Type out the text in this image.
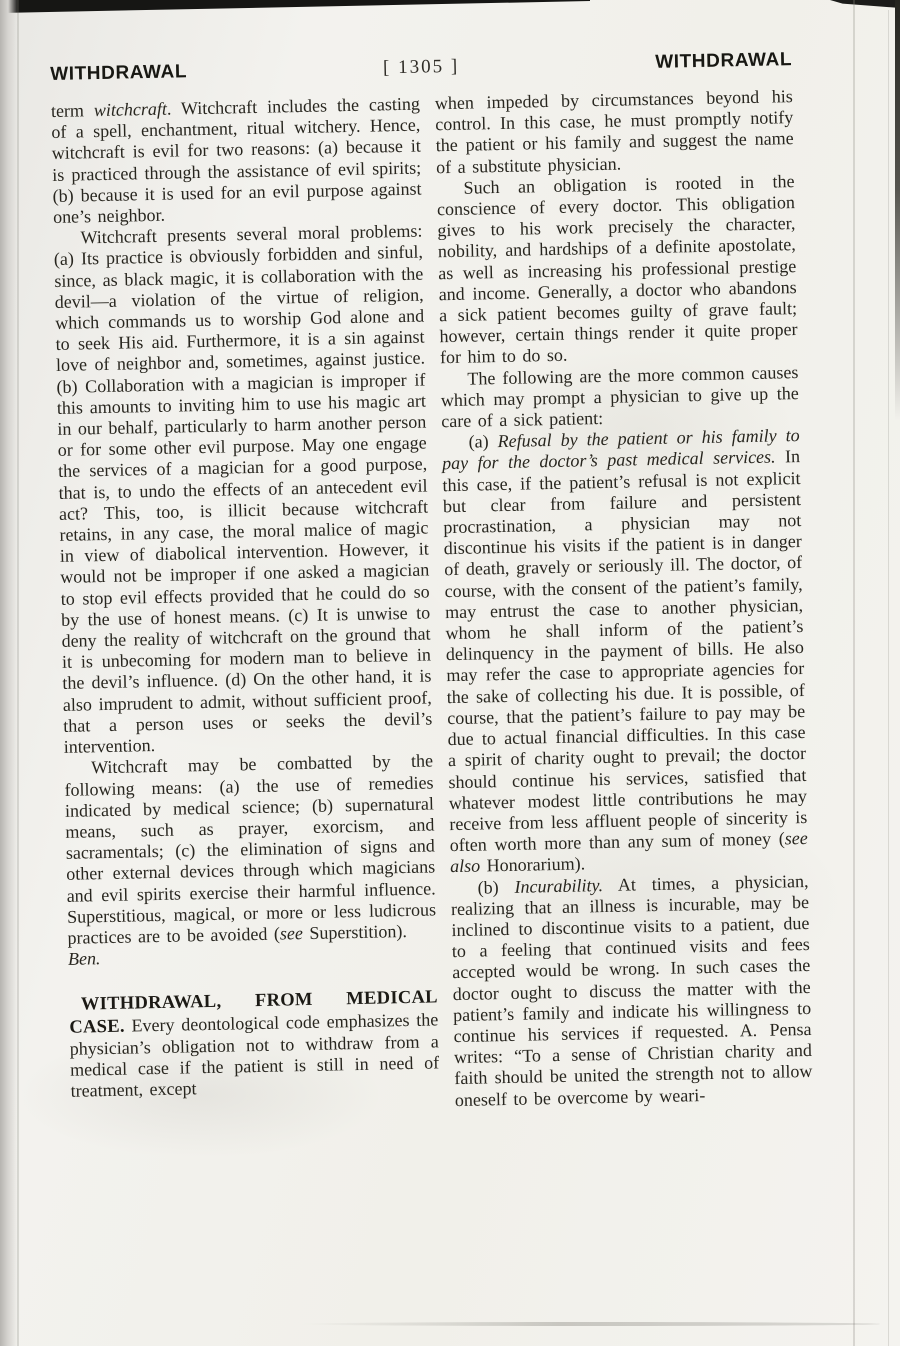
WITHDRAWAL	[ 1305 ]	WITHDRAWAL

term witchcraft. Witchcraft includes the casting of a spell, enchantment, ritual witchery. Hence, witchcraft is evil for two reasons: (a) because it is practiced through the assistance of evil spirits; (b) because it is used for an evil purpose against one’s neighbor.

Witchcraft presents several moral problems: (a) Its practice is obviously forbidden and sinful, since, as black magic, it is collaboration with the devil—a violation of the virtue of religion, which commands us to worship God alone and to seek His aid. Furthermore, it is a sin against love of neighbor and, sometimes, against justice. (b) Collaboration with a magician is improper if this amounts to inviting him to use his magic art in our behalf, particularly to harm another person or for some other evil purpose. May one engage the services of a magician for a good purpose, that is, to undo the effects of an antecedent evil act? This, too, is illicit because witchcraft retains, in any case, the moral malice of magic in view of diabolical intervention. However, it would not be improper if one asked a magician to stop evil effects provided that he could do so by the use of honest means. (c) It is unwise to deny the reality of witchcraft on the ground that it is unbecoming for modern man to believe in the devil’s influence. (d) On the other hand, it is also imprudent to admit, without sufficient proof, that a person uses or seeks the devil’s intervention.

Witchcraft may be combatted by the following means: (a) the use of remedies indicated by medical science; (b) supernatural means, such as prayer, exorcism, and sacramentals; (c) the elimination of signs and other external devices through which magicians and evil spirits exercise their harmful influence. Superstitious, magical, or more or less ludicrous practices are to be avoided (see Superstition).

Ben.

WITHDRAWAL, FROM MEDICAL CASE. Every deontological code emphasizes the physician’s obligation not to withdraw from a medical case if the patient is still in need of treatment, except

when impeded by circumstances beyond his control. In this case, he must promptly notify the patient or his family and suggest the name of a substitute physician.

Such an obligation is rooted in the conscience of every doctor. This obligation gives to his work precisely the character, nobility, and hardships of a definite apostolate, as well as increasing his professional prestige and income. Generally, a doctor who abandons a sick patient becomes guilty of grave fault; however, certain things render it quite proper for him to do so.

The following are the more common causes which may prompt a physician to give up the care of a sick patient:

(a) Refusal by the patient or his family to pay for the doctor’s past medical services. In this case, if the patient’s refusal is not explicit but clear from failure and persistent procrastination, a physician may not discontinue his visits if the patient is in danger of death, gravely or seriously ill. The doctor, of course, with the consent of the patient’s family, may entrust the case to another physician, whom he shall inform of the patient’s delinquency in the payment of bills. He also may refer the case to appropriate agencies for the sake of collecting his due. It is possible, of course, that the patient’s failure to pay may be due to actual financial difficulties. In this case a spirit of charity ought to prevail; the doctor should continue his services, satisfied that whatever modest little contributions he may receive from less affluent people of sincerity is often worth more than any sum of money (see also Honorarium).

(b) Incurability. At times, a physician, realizing that an illness is incurable, may be inclined to discontinue visits to a patient, due to a feeling that continued visits and fees accepted would be wrong. In such cases the doctor ought to discuss the matter with the patient’s family and indicate his willingness to continue his services if requested. A. Pensa writes: “To a sense of Christian charity and faith should be united the strength not to allow oneself to be overcome by weari-
